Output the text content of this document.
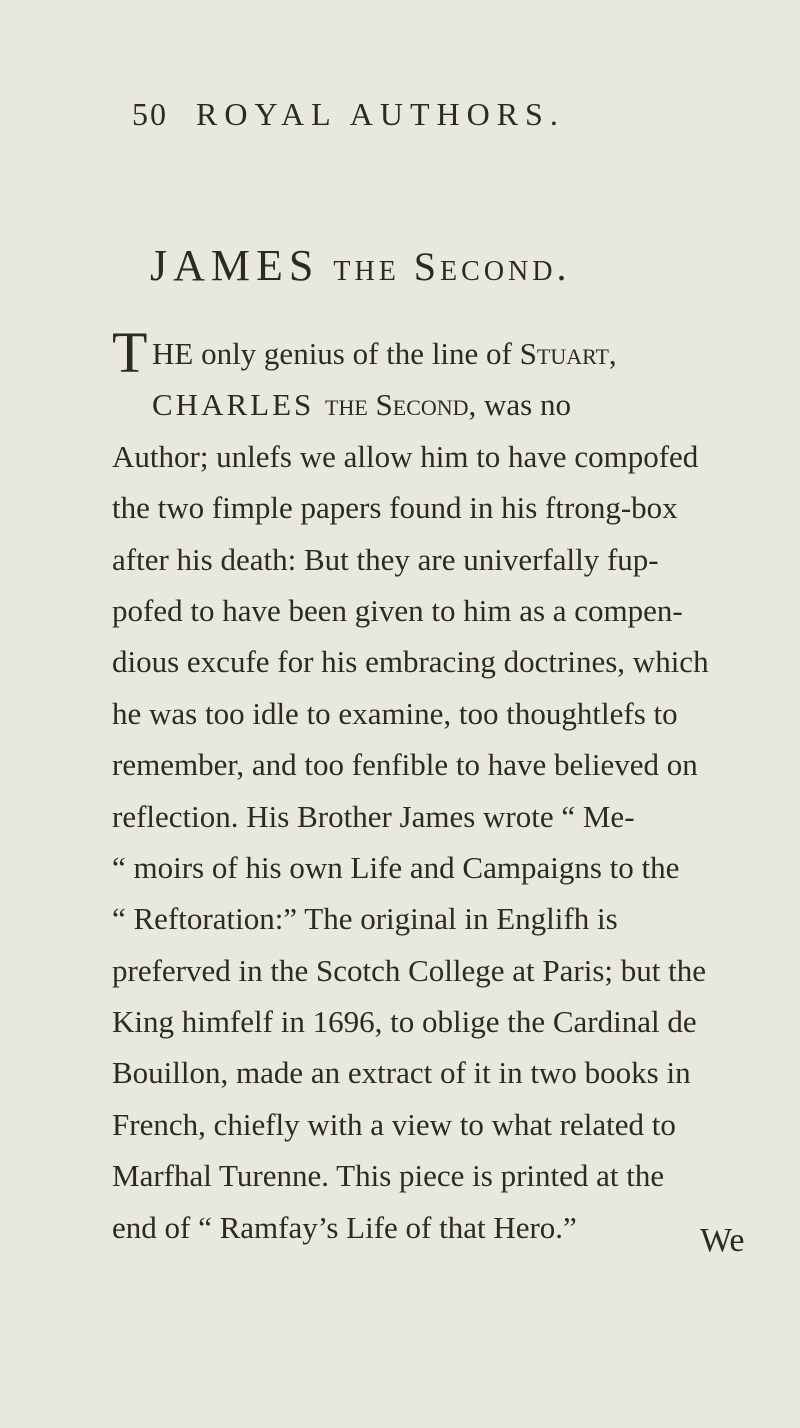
50 ROYAL AUTHORS.
JAMES the Second.
THE only genius of the line of Stuart,
CHARLES the Second, was no
Author; unlefs we allow him to have compofed
the two fimple papers found in his ftrong-box
after his death: But they are univerfally fup-
pofed to have been given to him as a compen-
dious excufe for his embracing doctrines, which
he was too idle to examine, too thoughtlefs to
remember, and too fenfible to have believed on
reflection. His Brother James wrote “ Me-
“ moirs of his own Life and Campaigns to the
“ Reftoration:” The original in Englifh is
preferved in the Scotch College at Paris; but the
King himfelf in 1696, to oblige the Cardinal de
Bouillon, made an extract of it in two books in
French, chiefly with a view to what related to
Marfhal Turenne. This piece is printed at the
end of “ Ramfay’s Life of that Hero.”	We
